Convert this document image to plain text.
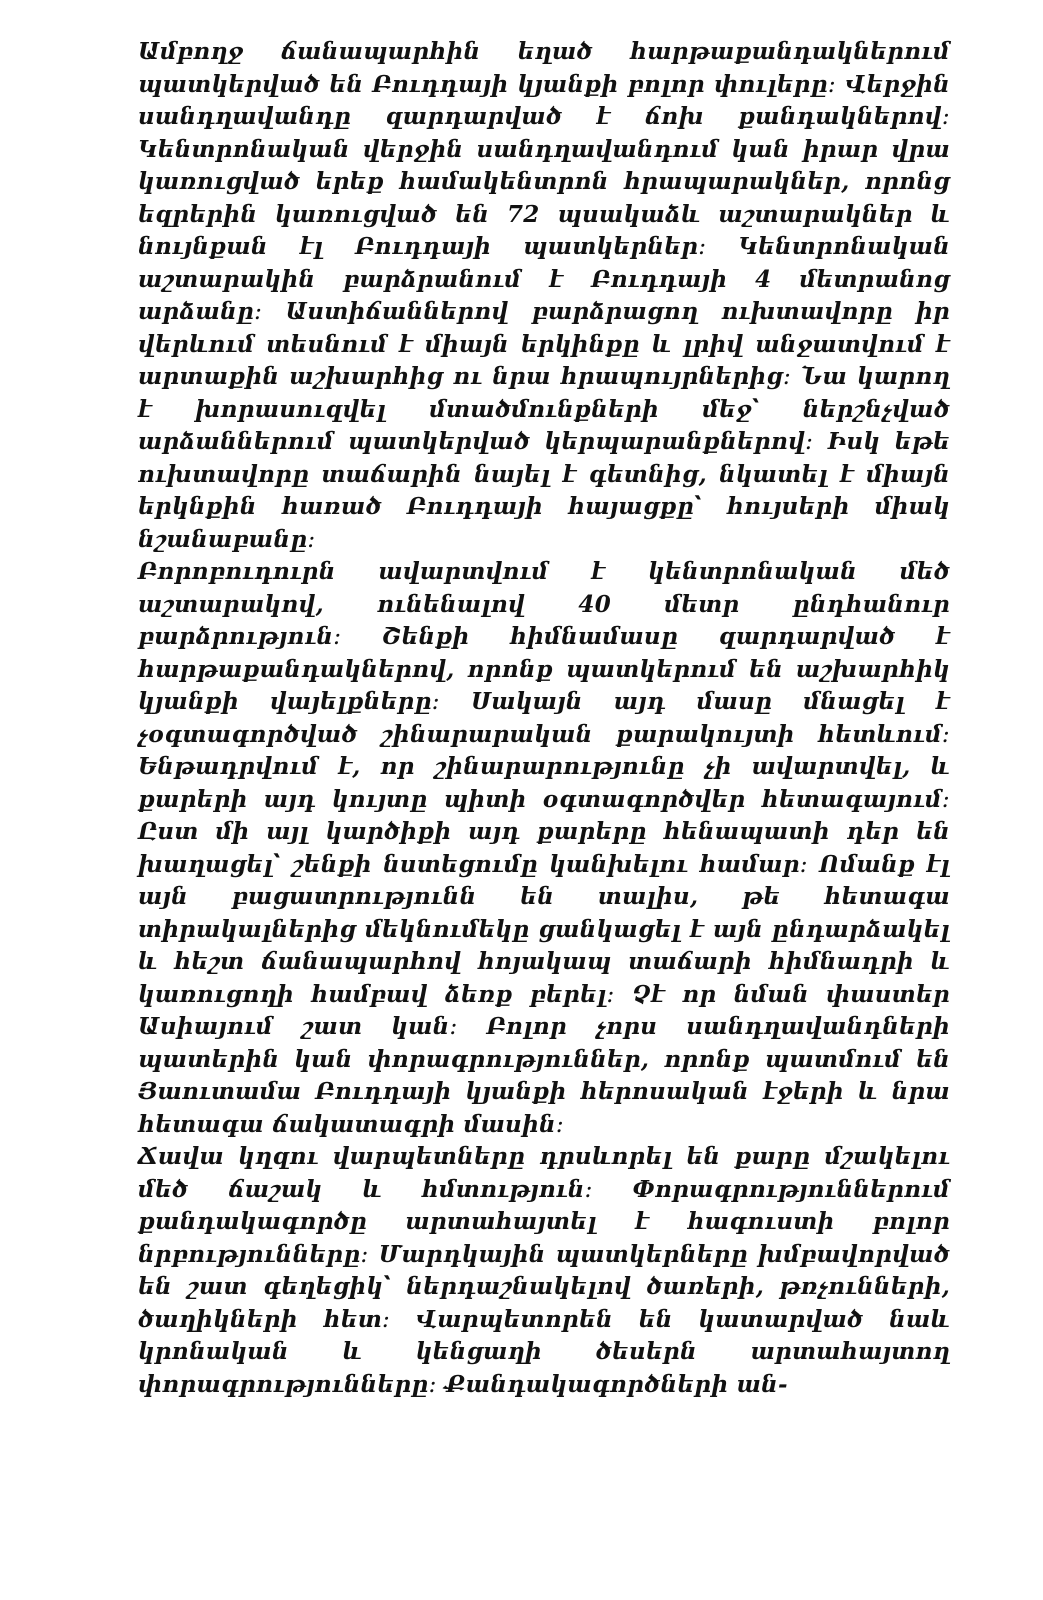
Ամբողջ ճանապարհին եղած հարթաքանդակներում պատկերված են Բուդդայի կյանքի բոլոր փուլերը։ Վերջին սանդղավանդը զարդարված է ճոխ քանդակներով։ Կենտրոնական վերջին սանդղավանդում կան իրար վրա կառուցված երեք համակենտրոն հրապարակներ, որոնց եզրերին կառուցված են 72 պսակաձև աշտարակներ և նույնքան էլ Բուդդայի պատկերներ։ Կենտրոնական աշտարակին բարձրանում է Բուդդայի 4 մետրանոց արձանը։ Աստիճաններով բարձրացող ուխտավորը իր վերևում տեսնում է միայն երկինքը և լրիվ անջատվում է արտաքին աշխարհից ու նրա հրապույրներից։ Նա կարող է խորասուզվել մտածմունքների մեջ՝ ներշնչված արձաններում պատկերված կերպարանքներով։ Իսկ եթե ուխտավորը տաճարին նայել է գետնից, նկատել է միայն երկնքին հառած Բուդդայի հայացքը՝ հույսերի միակ նշանաբանը։

Բորոբուդուրն ավարտվում է կենտրոնական մեծ աշտարակով, ունենալով 40 մետր ընդհանուր բարձրություն։ Շենքի հիմնամասը զարդարված է հարթաքանդակներով, որոնք պատկերում են աշխարհիկ կյանքի վայելքները։ Սակայն այդ մասը մնացել է չօգտագործված շինարարական քարակույտի հետևում։ Ենթադրվում է, որ շինարարությունը չի ավարտվել, և քարերի այդ կույտը պիտի օգտագործվեր հետագայում։ Ըստ մի այլ կարծիքի այդ քարերը հենապատի դեր են խաղացել՝ շենքի նստեցումը կանխելու համար։ Ոմանք էլ այն բացատրությունն են տալիս, թե հետագա տիրակալներից մեկնումեկը ցանկացել է այն ընդարձակել և հեշտ ճանապարհով հոյակապ տաճարի հիմնադրի և կառուցողի համբավ ձեռք բերել։ Չէ որ նման փաստեր Ասիայում շատ կան։ Բոլոր չորս սանդղավանդների պատերին կան փորագրություններ, որոնք պատմում են Յաուտամա Բուդդայի կյանքի հերոսական էջերի և նրա հետագա ճակատագրի մասին։

Ճավա կղզու վարպետները դրսևորել են քարը մշակելու մեծ ճաշակ և հմտություն։ Փորագրություններում քանդակագործը արտահայտել է հագուստի բոլոր նրբությունները։ Մարդկային պատկերները խմբավորված են շատ գեղեցիկ՝ ներդաշնակելով ծառերի, թռչունների, ծաղիկների հետ։ Վարպետորեն են կատարված նաև կրոնական և կենցաղի ծեսերն արտահայտող փորագրությունները։ Քանդակագործների ան-
